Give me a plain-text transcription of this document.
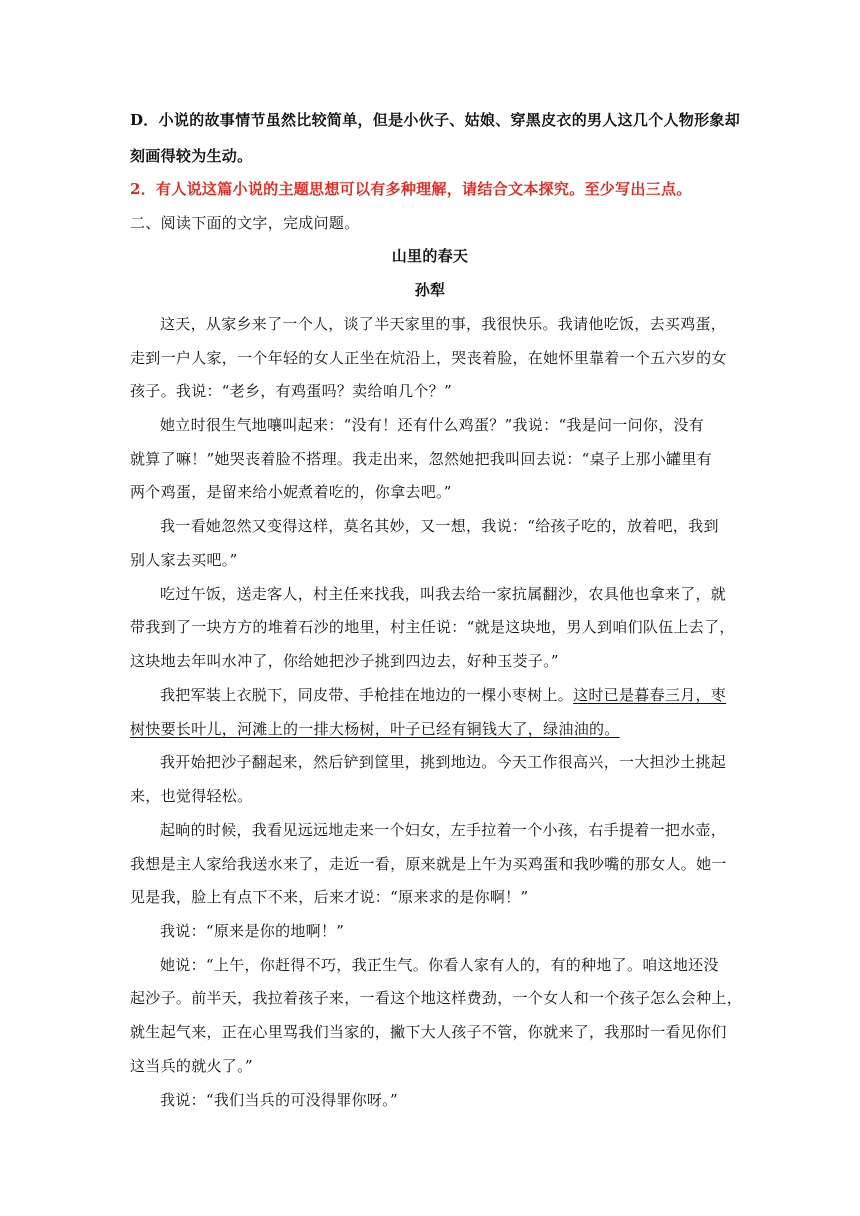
D．小说的故事情节虽然比较简单，但是小伙子、姑娘、穿黑皮衣的男人这几个人物形象却
刻画得较为生动。
2．有人说这篇小说的主题思想可以有多种理解，请结合文本探究。至少写出三点。
二、阅读下面的文字，完成问题。
山里的春天
孙犁
这天，从家乡来了一个人，谈了半天家里的事，我很快乐。我请他吃饭，去买鸡蛋，
走到一户人家，一个年轻的女人正坐在炕沿上，哭丧着脸，在她怀里靠着一个五六岁的女
孩子。我说：“老乡，有鸡蛋吗？卖给咱几个？”
她立时很生气地嚷叫起来：“没有！还有什么鸡蛋？”我说：“我是问一问你，没有
就算了嘛！”她哭丧着脸不搭理。我走出来，忽然她把我叫回去说：“桌子上那小罐里有
两个鸡蛋，是留来给小妮煮着吃的，你拿去吧。”
我一看她忽然又变得这样，莫名其妙，又一想，我说：“给孩子吃的，放着吧，我到
别人家去买吧。”
吃过午饭，送走客人，村主任来找我，叫我去给一家抗属翻沙，农具他也拿来了，就
带我到了一块方方的堆着石沙的地里，村主任说：“就是这块地，男人到咱们队伍上去了，
这块地去年叫水冲了，你给她把沙子挑到四边去，好种玉茭子。”
我把军装上衣脱下，同皮带、手枪挂在地边的一棵小枣树上。这时已是暮春三月，枣
树快要长叶儿，河滩上的一排大杨树，叶子已经有铜钱大了，绿油油的。
我开始把沙子翻起来，然后铲到筐里，挑到地边。今天工作很高兴，一大担沙土挑起
来，也觉得轻松。
起晌的时候，我看见远远地走来一个妇女，左手拉着一个小孩，右手提着一把水壶，
我想是主人家给我送水来了，走近一看，原来就是上午为买鸡蛋和我吵嘴的那女人。她一
见是我，脸上有点下不来，后来才说：“原来求的是你啊！”
我说：“原来是你的地啊！”
她说：“上午，你赶得不巧，我正生气。你看人家有人的，有的种地了。咱这地还没
起沙子。前半天，我拉着孩子来，一看这个地这样费劲，一个女人和一个孩子怎么会种上，
就生起气来，正在心里骂我们当家的，撇下大人孩子不管，你就来了，我那时一看见你们
这当兵的就火了。”
我说：“我们当兵的可没得罪你呀。”
